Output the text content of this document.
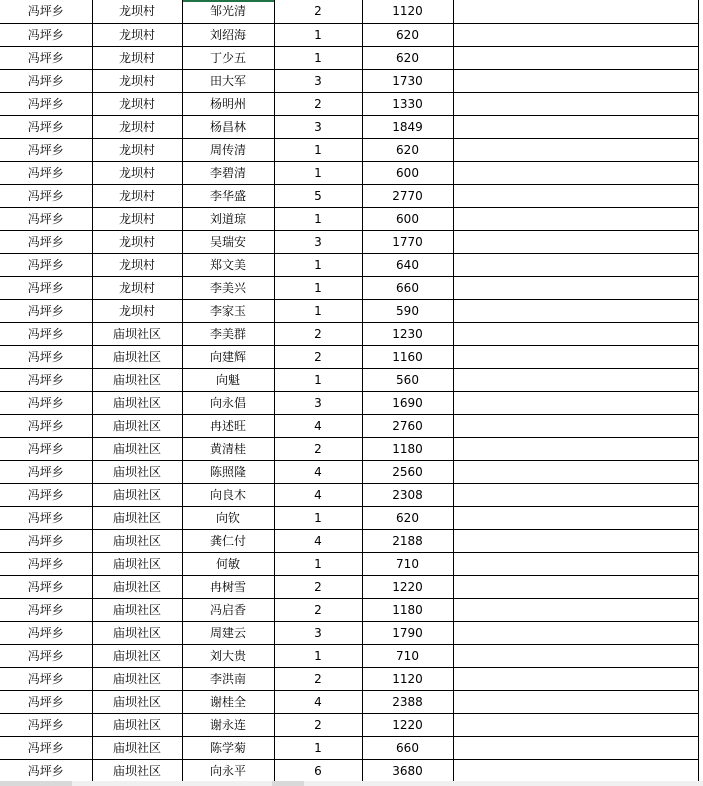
冯坪乡	龙坝村	邹光清	2	1120	
冯坪乡	龙坝村	刘绍海	1	620	
冯坪乡	龙坝村	丁少五	1	620	
冯坪乡	龙坝村	田大军	3	1730	
冯坪乡	龙坝村	杨明州	2	1330	
冯坪乡	龙坝村	杨昌林	3	1849	
冯坪乡	龙坝村	周传清	1	620	
冯坪乡	龙坝村	李碧清	1	600	
冯坪乡	龙坝村	李华盛	5	2770	
冯坪乡	龙坝村	刘道琼	1	600	
冯坪乡	龙坝村	吴瑞安	3	1770	
冯坪乡	龙坝村	郑文美	1	640	
冯坪乡	龙坝村	李美兴	1	660	
冯坪乡	龙坝村	李家玉	1	590	
冯坪乡	庙坝社区	李美群	2	1230	
冯坪乡	庙坝社区	向建辉	2	1160	
冯坪乡	庙坝社区	向魁	1	560	
冯坪乡	庙坝社区	向永倡	3	1690	
冯坪乡	庙坝社区	冉述旺	4	2760	
冯坪乡	庙坝社区	黄清桂	2	1180	
冯坪乡	庙坝社区	陈照隆	4	2560	
冯坪乡	庙坝社区	向良木	4	2308	
冯坪乡	庙坝社区	向钦	1	620	
冯坪乡	庙坝社区	龚仁付	4	2188	
冯坪乡	庙坝社区	何敏	1	710	
冯坪乡	庙坝社区	冉树雪	2	1220	
冯坪乡	庙坝社区	冯启香	2	1180	
冯坪乡	庙坝社区	周建云	3	1790	
冯坪乡	庙坝社区	刘大贵	1	710	
冯坪乡	庙坝社区	李洪南	2	1120	
冯坪乡	庙坝社区	谢桂全	4	2388	
冯坪乡	庙坝社区	谢永连	2	1220	
冯坪乡	庙坝社区	陈学菊	1	660	
冯坪乡	庙坝社区	向永平	6	3680	
